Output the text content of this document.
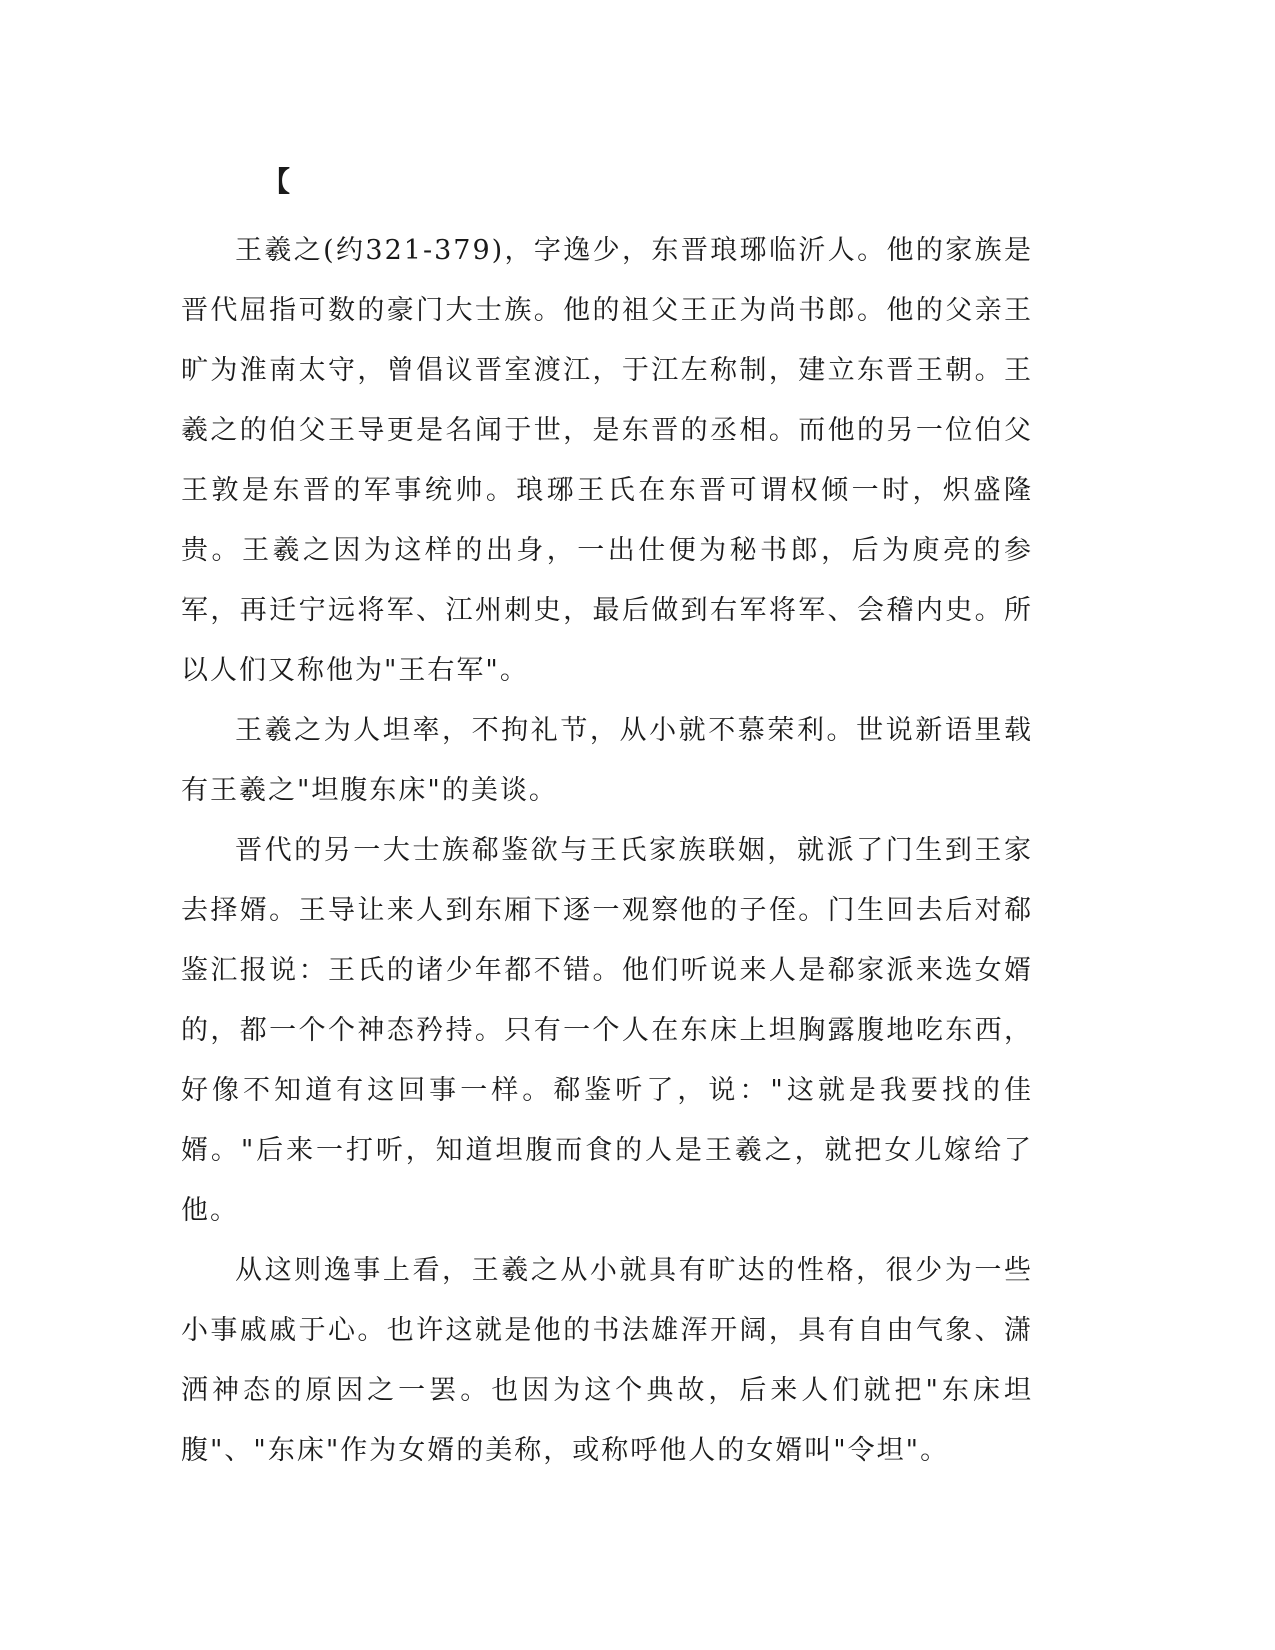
【

王羲之(约321-379)，字逸少，东晋琅琊临沂人。他的家族是晋代屈指可数的豪门大士族。他的祖父王正为尚书郎。他的父亲王旷为淮南太守，曾倡议晋室渡江，于江左称制，建立东晋王朝。王羲之的伯父王导更是名闻于世，是东晋的丞相。而他的另一位伯父王敦是东晋的军事统帅。琅琊王氏在东晋可谓权倾一时，炽盛隆贵。王羲之因为这样的出身，一出仕便为秘书郎，后为庾亮的参军，再迁宁远将军、江州刺史，最后做到右军将军、会稽内史。所以人们又称他为"王右军"。

王羲之为人坦率，不拘礼节，从小就不慕荣利。世说新语里载有王羲之"坦腹东床"的美谈。

晋代的另一大士族郗鉴欲与王氏家族联姻，就派了门生到王家去择婿。王导让来人到东厢下逐一观察他的子侄。门生回去后对郗鉴汇报说：王氏的诸少年都不错。他们听说来人是郗家派来选女婿的，都一个个神态矜持。只有一个人在东床上坦胸露腹地吃东西，好像不知道有这回事一样。郗鉴听了，说："这就是我要找的佳婿。"后来一打听，知道坦腹而食的人是王羲之，就把女儿嫁给了他。

从这则逸事上看，王羲之从小就具有旷达的性格，很少为一些小事戚戚于心。也许这就是他的书法雄浑开阔，具有自由气象、潇洒神态的原因之一罢。也因为这个典故，后来人们就把"东床坦腹"、"东床"作为女婿的美称，或称呼他人的女婿叫"令坦"。
